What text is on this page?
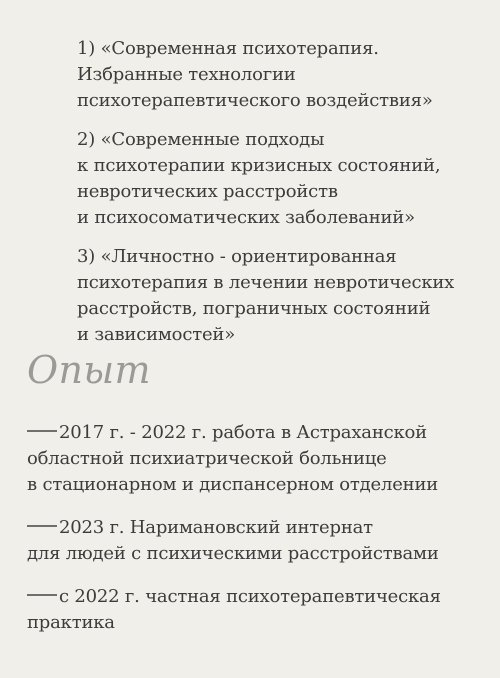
1) «Современная психотерапия.
Избранные технологии
психотерапевтического воздействия»
2) «Современные подходы
к психотерапии кризисных состояний,
невротических расстройств
и психосоматических заболеваний»
3) «Личностно - ориентированная
психотерапия в лечении невротических
расстройств, пограничных состояний
и зависимостей»
Опыт
2017 г. - 2022 г. работа в Астраханской
областной психиатрической больнице
в стационарном и диспансерном отделении
2023 г. Наримановский интернат
для людей с психическими расстройствами
с 2022 г. частная психотерапевтическая
практика
